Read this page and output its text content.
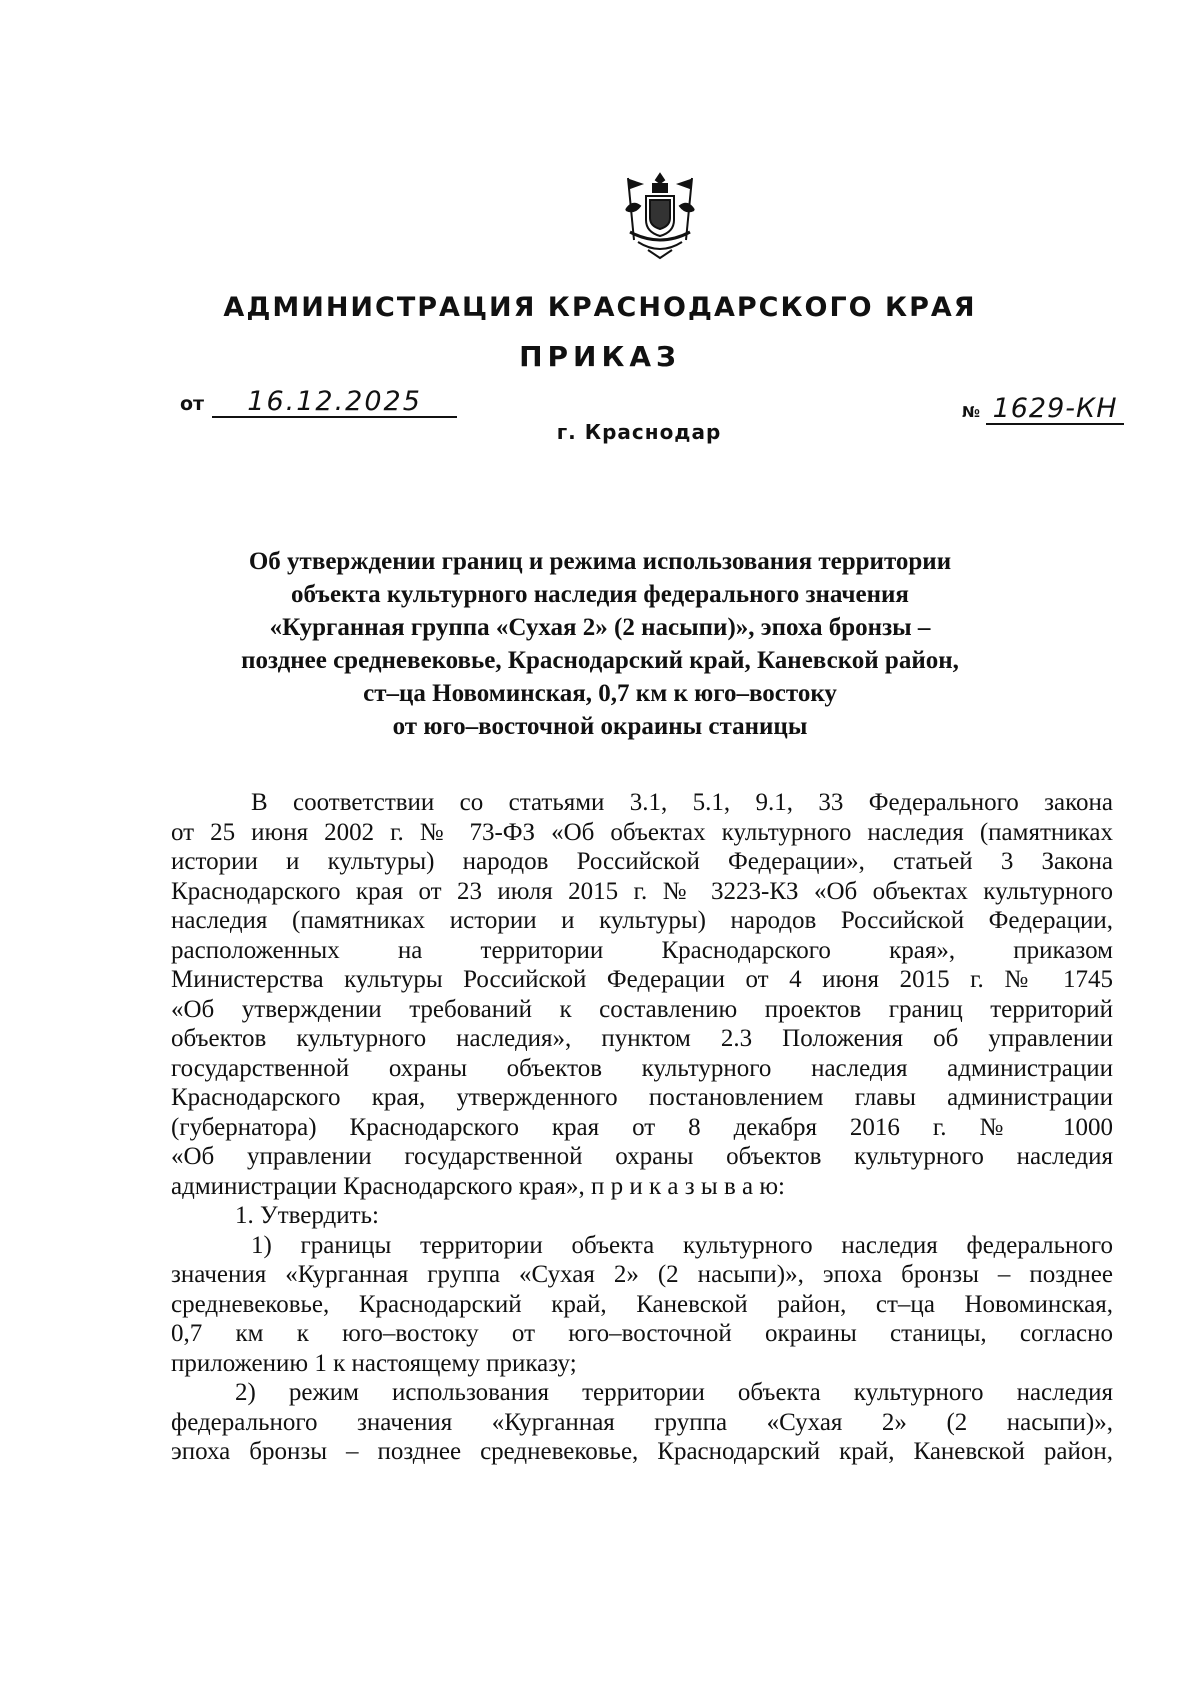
АДМИНИСТРАЦИЯ КРАСНОДАРСКОГО КРАЯ
ПРИКАЗ
от 16.12.2025	№ 1629-КН
г. Краснодар
Об утверждении границ и режима использования территории
объекта культурного наследия федерального значения
«Курганная группа «Сухая 2» (2 насыпи)», эпоха бронзы –
позднее средневековье, Краснодарский край, Каневской район,
ст–ца Новоминская, 0,7 км к юго–востоку
от юго–восточной окраины станицы
В соответствии со статьями 3.1, 5.1, 9.1, 33 Федерального закона
от 25 июня 2002 г. № 73-ФЗ «Об объектах культурного наследия (памятниках
истории и культуры) народов Российской Федерации», статьей 3 Закона
Краснодарского края от 23 июля 2015 г. № 3223-КЗ «Об объектах культурного
наследия (памятниках истории и культуры) народов Российской Федерации,
расположенных на территории Краснодарского края», приказом
Министерства культуры Российской Федерации от 4 июня 2015 г. № 1745
«Об утверждении требований к составлению проектов границ территорий
объектов культурного наследия», пунктом 2.3 Положения об управлении
государственной охраны объектов культурного наследия администрации
Краснодарского края, утвержденного постановлением главы администрации
(губернатора) Краснодарского края от 8 декабря 2016 г. № 1000
«Об управлении государственной охраны объектов культурного наследия
администрации Краснодарского края», п р и к а з ы в а ю:
1. Утвердить:
1) границы территории объекта культурного наследия федерального
значения «Курганная группа «Сухая 2» (2 насыпи)», эпоха бронзы – позднее
средневековье, Краснодарский край, Каневской район, ст–ца Новоминская,
0,7 км к юго–востоку от юго–восточной окраины станицы, согласно
приложению 1 к настоящему приказу;
2) режим использования территории объекта культурного наследия
федерального значения «Курганная группа «Сухая 2» (2 насыпи)»,
эпоха бронзы – позднее средневековье, Краснодарский край, Каневской район,
